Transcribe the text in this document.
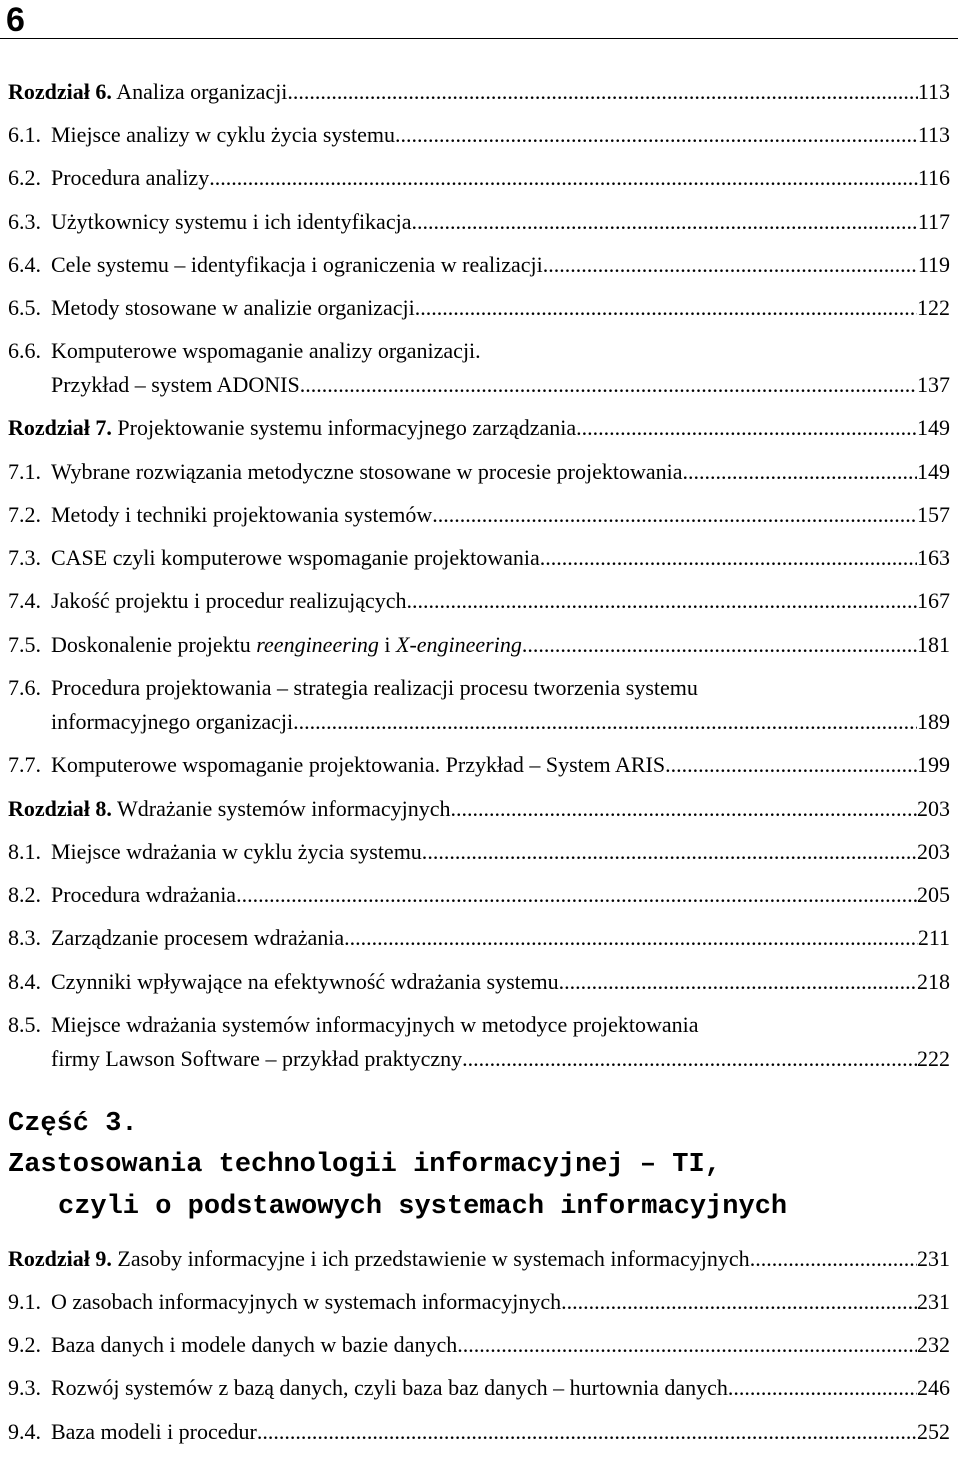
6
Rozdział 6. Analiza organizacji .....	113
6.1. Miejsce analizy w cyklu życia systemu. .....	113
6.2. Procedura analizy .....	116
6.3. Użytkownicy systemu i ich identyfikacja. .....	117
6.4. Cele systemu – identyfikacja i ograniczenia w realizacji .....	119
6.5. Metody stosowane w analizie organizacji .....	122
6.6. Komputerowe wspomaganie analizy organizacji.
Przykład – system ADONIS .....	137
Rozdział 7. Projektowanie systemu informacyjnego zarządzania .....	149
7.1. Wybrane rozwiązania metodyczne stosowane w procesie projektowania .....	149
7.2. Metody i techniki projektowania systemów .....	157
7.3. CASE czyli komputerowe wspomaganie projektowania .....	163
7.4. Jakość projektu i procedur realizujących .....	167
7.5. Doskonalenie projektu reengineering i X-engineering .....	181
7.6. Procedura projektowania – strategia realizacji procesu tworzenia systemu
informacyjnego organizacji .....	189
7.7. Komputerowe wspomaganie projektowania. Przykład – System ARIS .....	199
Rozdział 8. Wdrażanie systemów informacyjnych. .....	203
8.1. Miejsce wdrażania w cyklu życia systemu. .....	203
8.2. Procedura wdrażania .....	205
8.3. Zarządzanie procesem wdrażania. .....	211
8.4. Czynniki wpływające na efektywność wdrażania systemu .....	218
8.5. Miejsce wdrażania systemów informacyjnych w metodyce projektowania
firmy Lawson Software – przykład praktyczny .....	222
Część 3.
Zastosowania technologii informacyjnej – TI,
czyli o podstawowych systemach informacyjnych
Rozdział 9. Zasoby informacyjne i ich przedstawienie w systemach informacyjnych .....	231
9.1. O zasobach informacyjnych w systemach informacyjnych .....	231
9.2. Baza danych i modele danych w bazie danych .....	232
9.3. Rozwój systemów z bazą danych, czyli baza baz danych – hurtownia danych .....	246
9.4. Baza modeli i procedur .....	252
